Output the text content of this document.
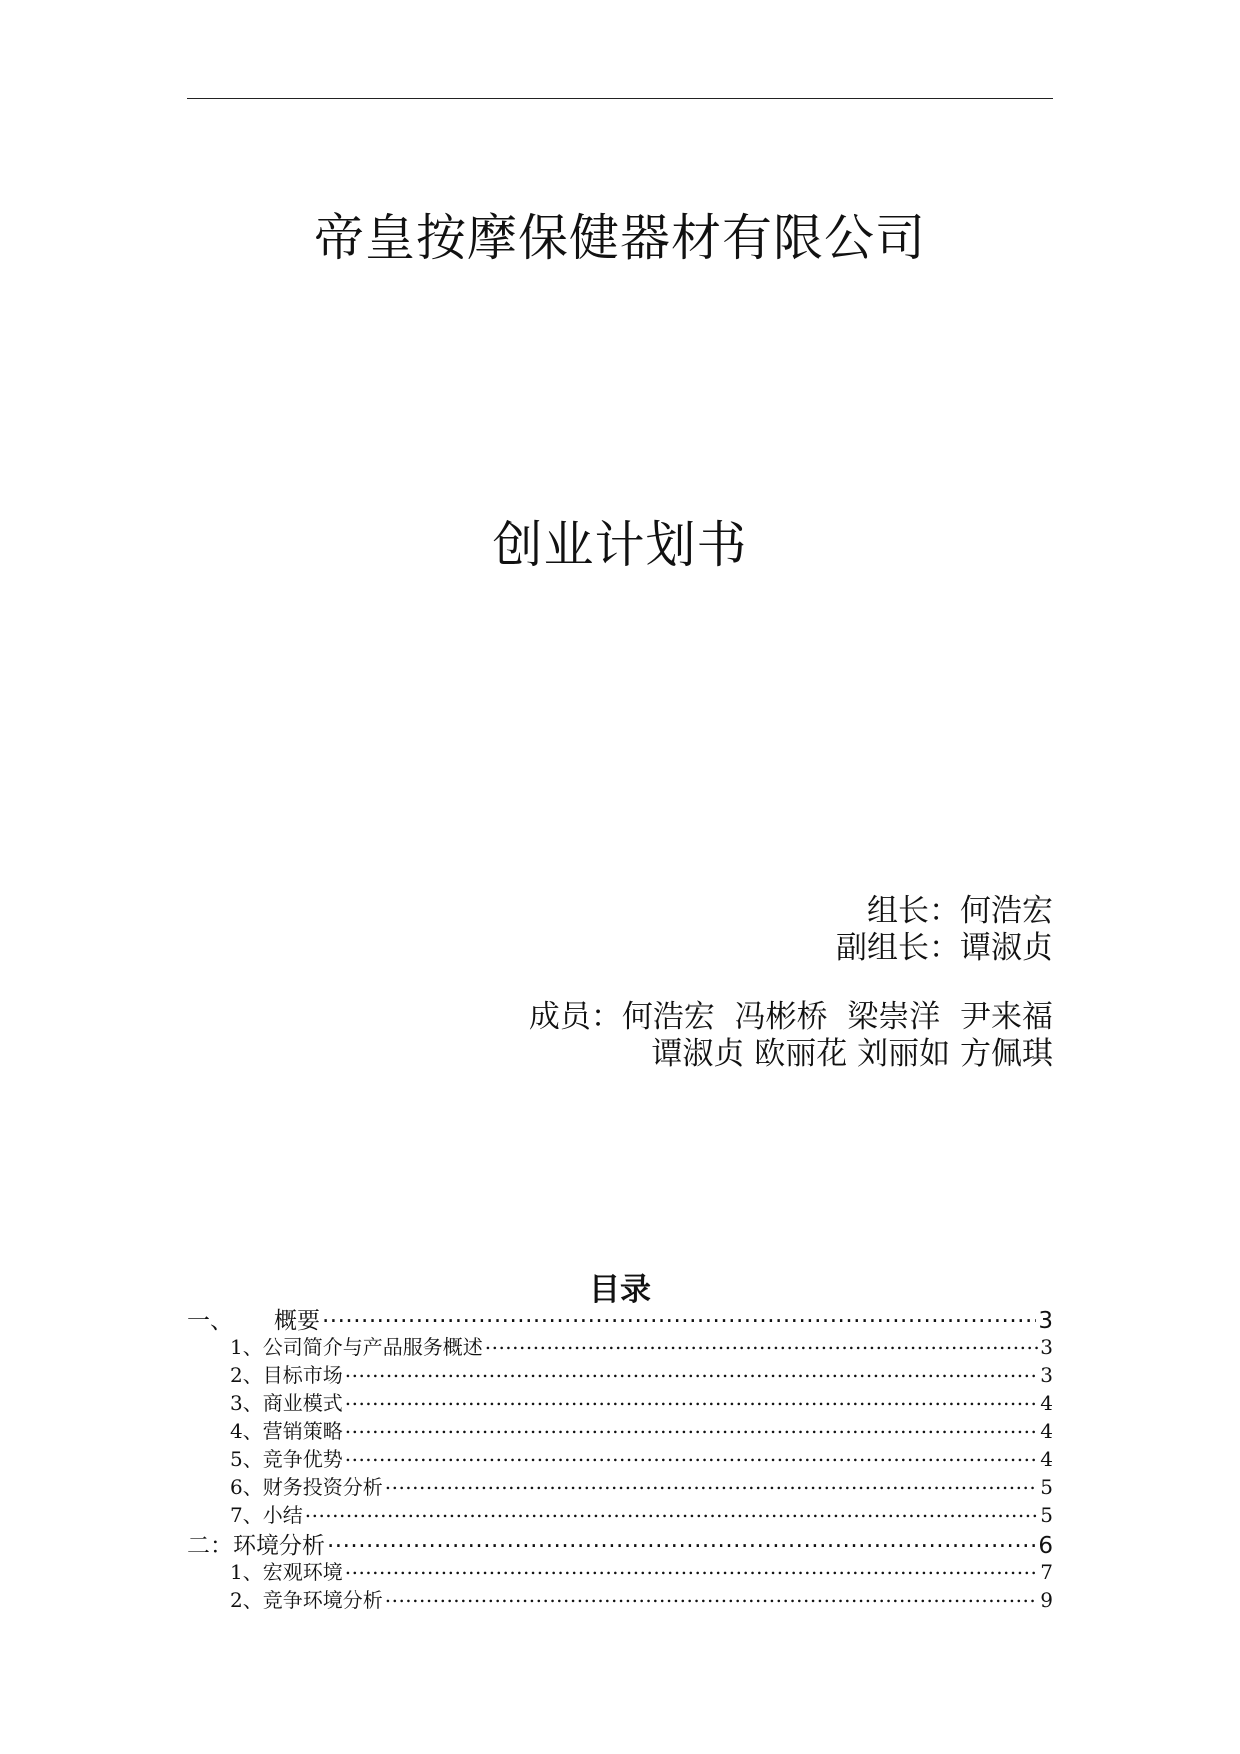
帝皇按摩保健器材有限公司
创业计划书
组长：何浩宏
副组长：谭淑贞
成员：何浩宏  冯彬桥  梁崇洋  尹来福
谭淑贞 欧丽花 刘丽如 方佩琪
目录
一、	概要 .....	3
1、 公司简介与产品服务概述 .....	3
2、 目标市场 .....	3
3、 商业模式 .....	4
4、 营销策略 .....	4
5、 竞争优势 .....	4
6、 财务投资分析 .....	5
7、 小结 .....	5
二： 环境分析 .....	6
1、 宏观环境 .....	7
2、 竞争环境分析 .....	9
